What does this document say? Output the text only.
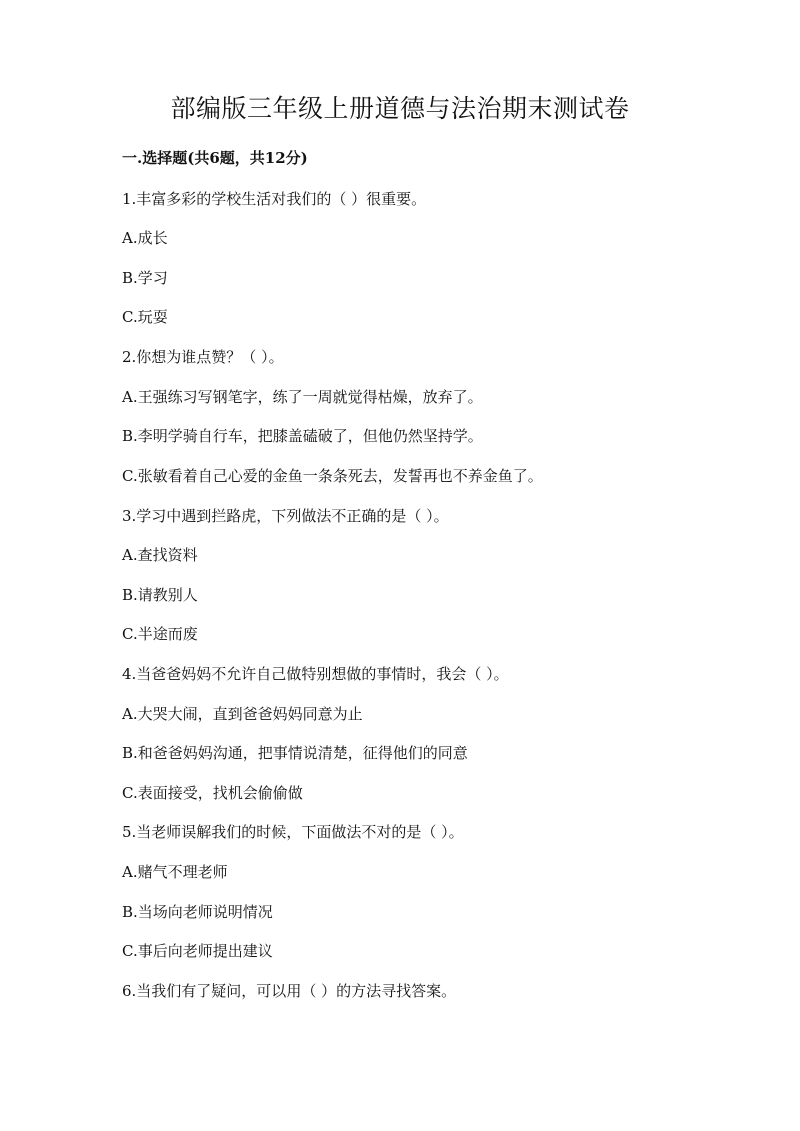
部编版三年级上册道德与法治期末测试卷
一.选择题(共6题，共12分)
1.丰富多彩的学校生活对我们的（ ）很重要。
A.成长
B.学习
C.玩耍
2.你想为谁点赞？（ ）。
A.王强练习写钢笔字，练了一周就觉得枯燥，放弃了。
B.李明学骑自行车，把膝盖磕破了，但他仍然坚持学。
C.张敏看着自己心爱的金鱼一条条死去，发誓再也不养金鱼了。
3.学习中遇到拦路虎，下列做法不正确的是（ ）。
A.查找资料
B.请教别人
C.半途而废
4.当爸爸妈妈不允许自己做特别想做的事情时，我会（ ）。
A.大哭大闹，直到爸爸妈妈同意为止
B.和爸爸妈妈沟通，把事情说清楚，征得他们的同意
C.表面接受，找机会偷偷做
5.当老师误解我们的时候，下面做法不对的是（ ）。
A.赌气不理老师
B.当场向老师说明情况
C.事后向老师提出建议
6.当我们有了疑问，可以用（ ）的方法寻找答案。
